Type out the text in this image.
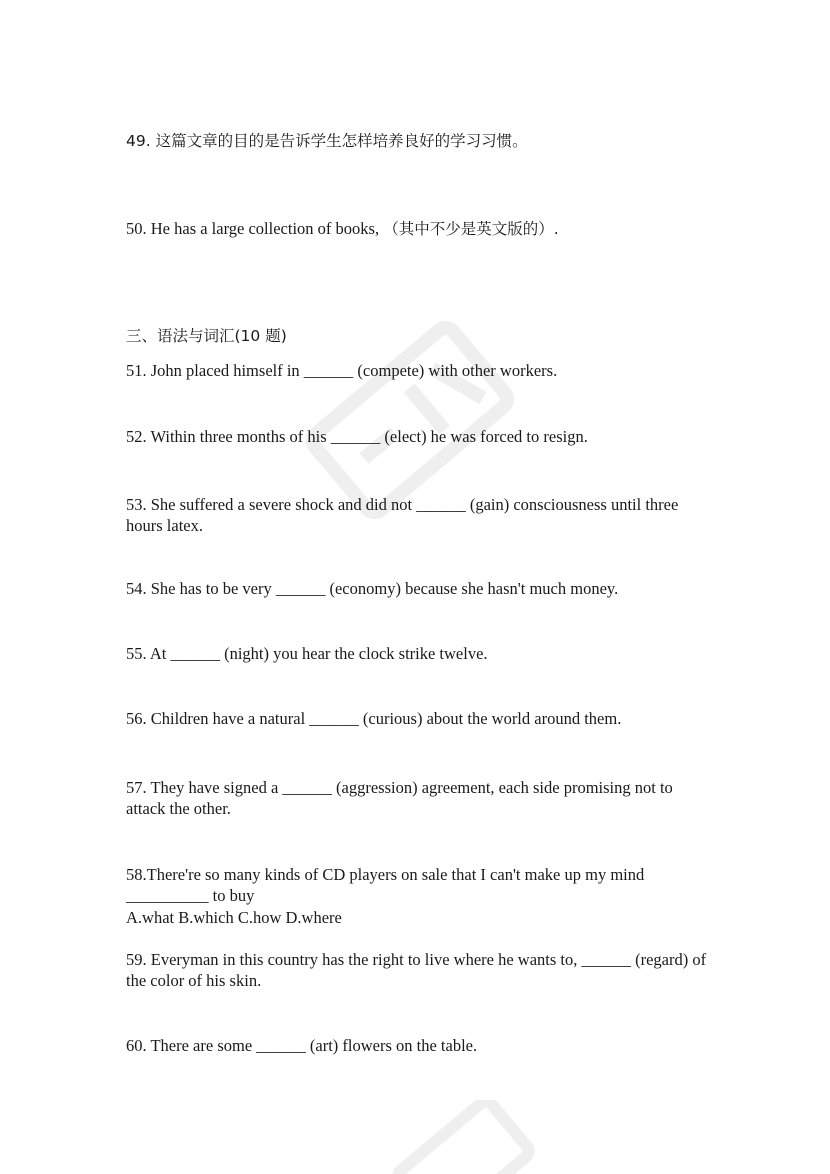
49. 这篇文章的目的是告诉学生怎样培养良好的学习习惯。
50. He has a large collection of books, （其中不少是英文版的）.
三、语法与词汇(10 题)
51. John placed himself in ______ (compete) with other workers.
52. Within three months of his ______ (elect) he was forced to resign.
53. She suffered a severe shock and did not ______ (gain) consciousness until three hours latex.
54. She has to be very ______ (economy) because she hasn't much money.
55. At ______ (night) you hear the clock strike twelve.
56. Children have a natural ______ (curious) about the world around them.
57. They have signed a ______ (aggression) agreement, each side promising not to attack the other.
58.There're so many kinds of CD players on sale that I can't make up my mind __________ to buy
A.what B.which C.how D.where
59. Everyman in this country has the right to live where he wants to, ______ (regard) of the color of his skin.
60. There are some ______ (art) flowers on the table.
